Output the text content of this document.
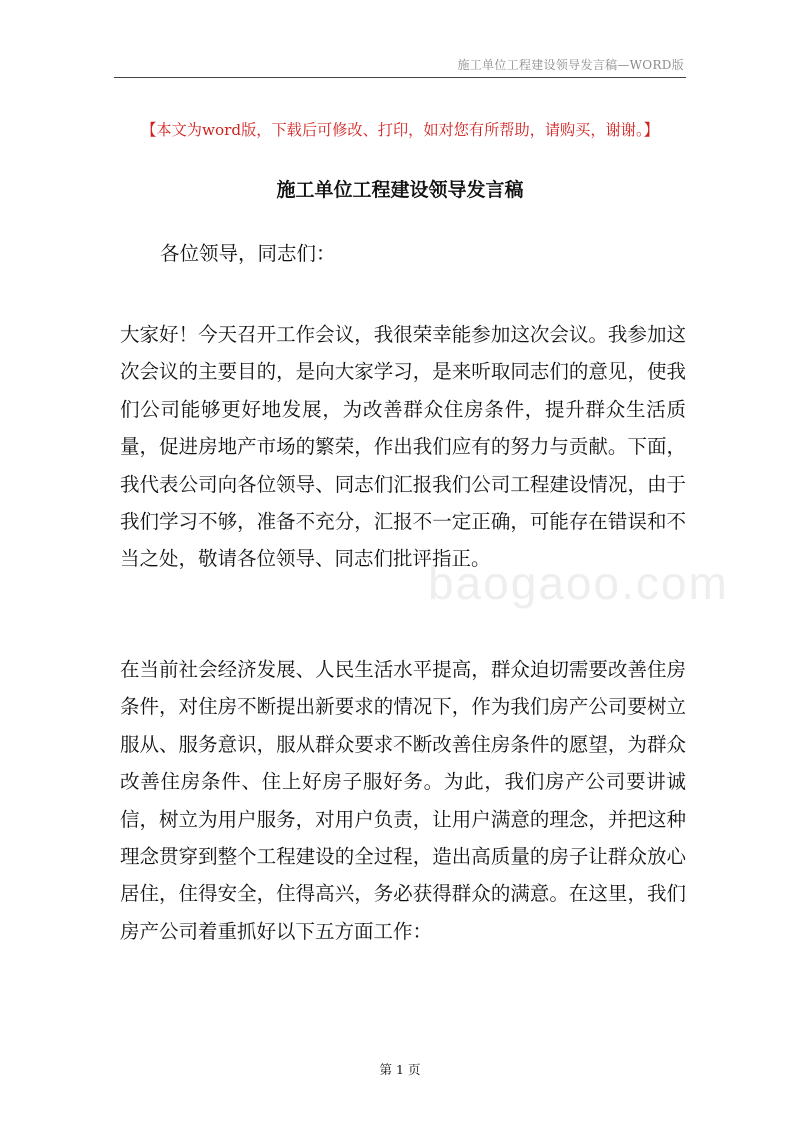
施工单位工程建设领导发言稿—WORD版
【本文为word版，下载后可修改、打印，如对您有所帮助，请购买，谢谢。】
施工单位工程建设领导发言稿
各位领导，同志们：

大家好！今天召开工作会议，我很荣幸能参加这次会议。我参加这次会议的主要目的，是向大家学习，是来听取同志们的意见，使我们公司能够更好地发展，为改善群众住房条件，提升群众生活质量，促进房地产市场的繁荣，作出我们应有的努力与贡献。下面，我代表公司向各位领导、同志们汇报我们公司工程建设情况，由于我们学习不够，准备不充分，汇报不一定正确，可能存在错误和不当之处，敬请各位领导、同志们批评指正。

baogaoo.com

在当前社会经济发展、人民生活水平提高，群众迫切需要改善住房条件，对住房不断提出新要求的情况下，作为我们房产公司要树立服从、服务意识，服从群众要求不断改善住房条件的愿望，为群众改善住房条件、住上好房子服好务。为此，我们房产公司要讲诚信，树立为用户服务，对用户负责，让用户满意的理念，并把这种理念贯穿到整个工程建设的全过程，造出高质量的房子让群众放心居住，住得安全，住得高兴，务必获得群众的满意。在这里，我们房产公司着重抓好以下五方面工作：

第 1 页
